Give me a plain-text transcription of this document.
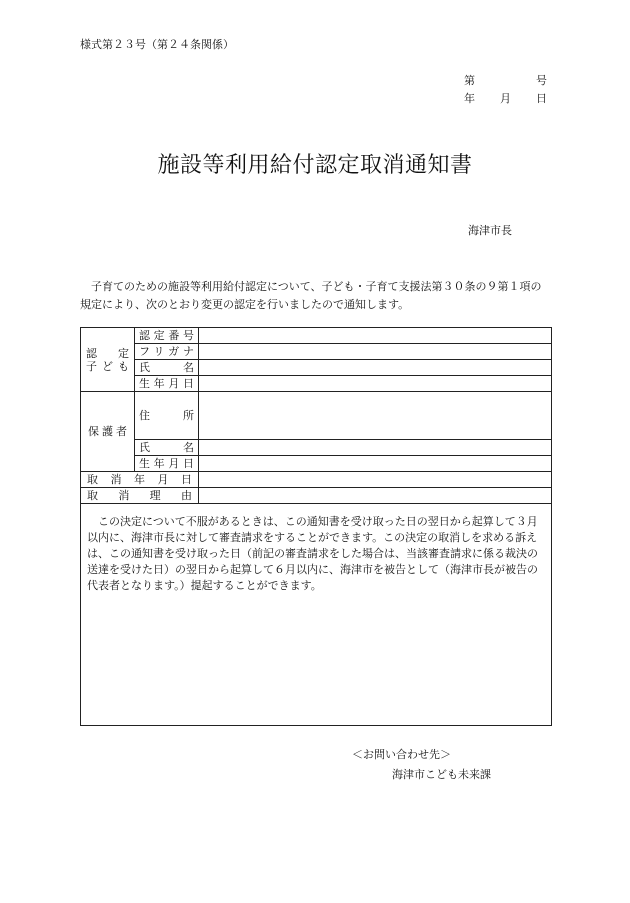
様式第２３号（第２４条関係）
第	号
年 月 日
施設等利用給付認定取消通知書
海津市長
子育てのための施設等利用給付認定について、子ども・子育て支援法第３０条の９第１項の規定により、次のとおり変更の認定を行いましたので通知します。
認　定
子ども	認定番号	
	フリガナ	
	氏　名	
	生年月日	

保護者	住　所	
	氏　名	
	生年月日	
取消年月日		
取消理由		
この決定について不服があるときは、この通知書を受け取った日の翌日から起算して３月以内に、海津市長に対して審査請求をすることができます。この決定の取消しを求める訴えは、この通知書を受け取った日（前記の審査請求をした場合は、当該審査請求に係る裁決の送達を受けた日）の翌日から起算して６月以内に、海津市を被告として（海津市長が被告の代表者となります。）提起することができます。		
＜お問い合わせ先＞
海津市こども未来課
